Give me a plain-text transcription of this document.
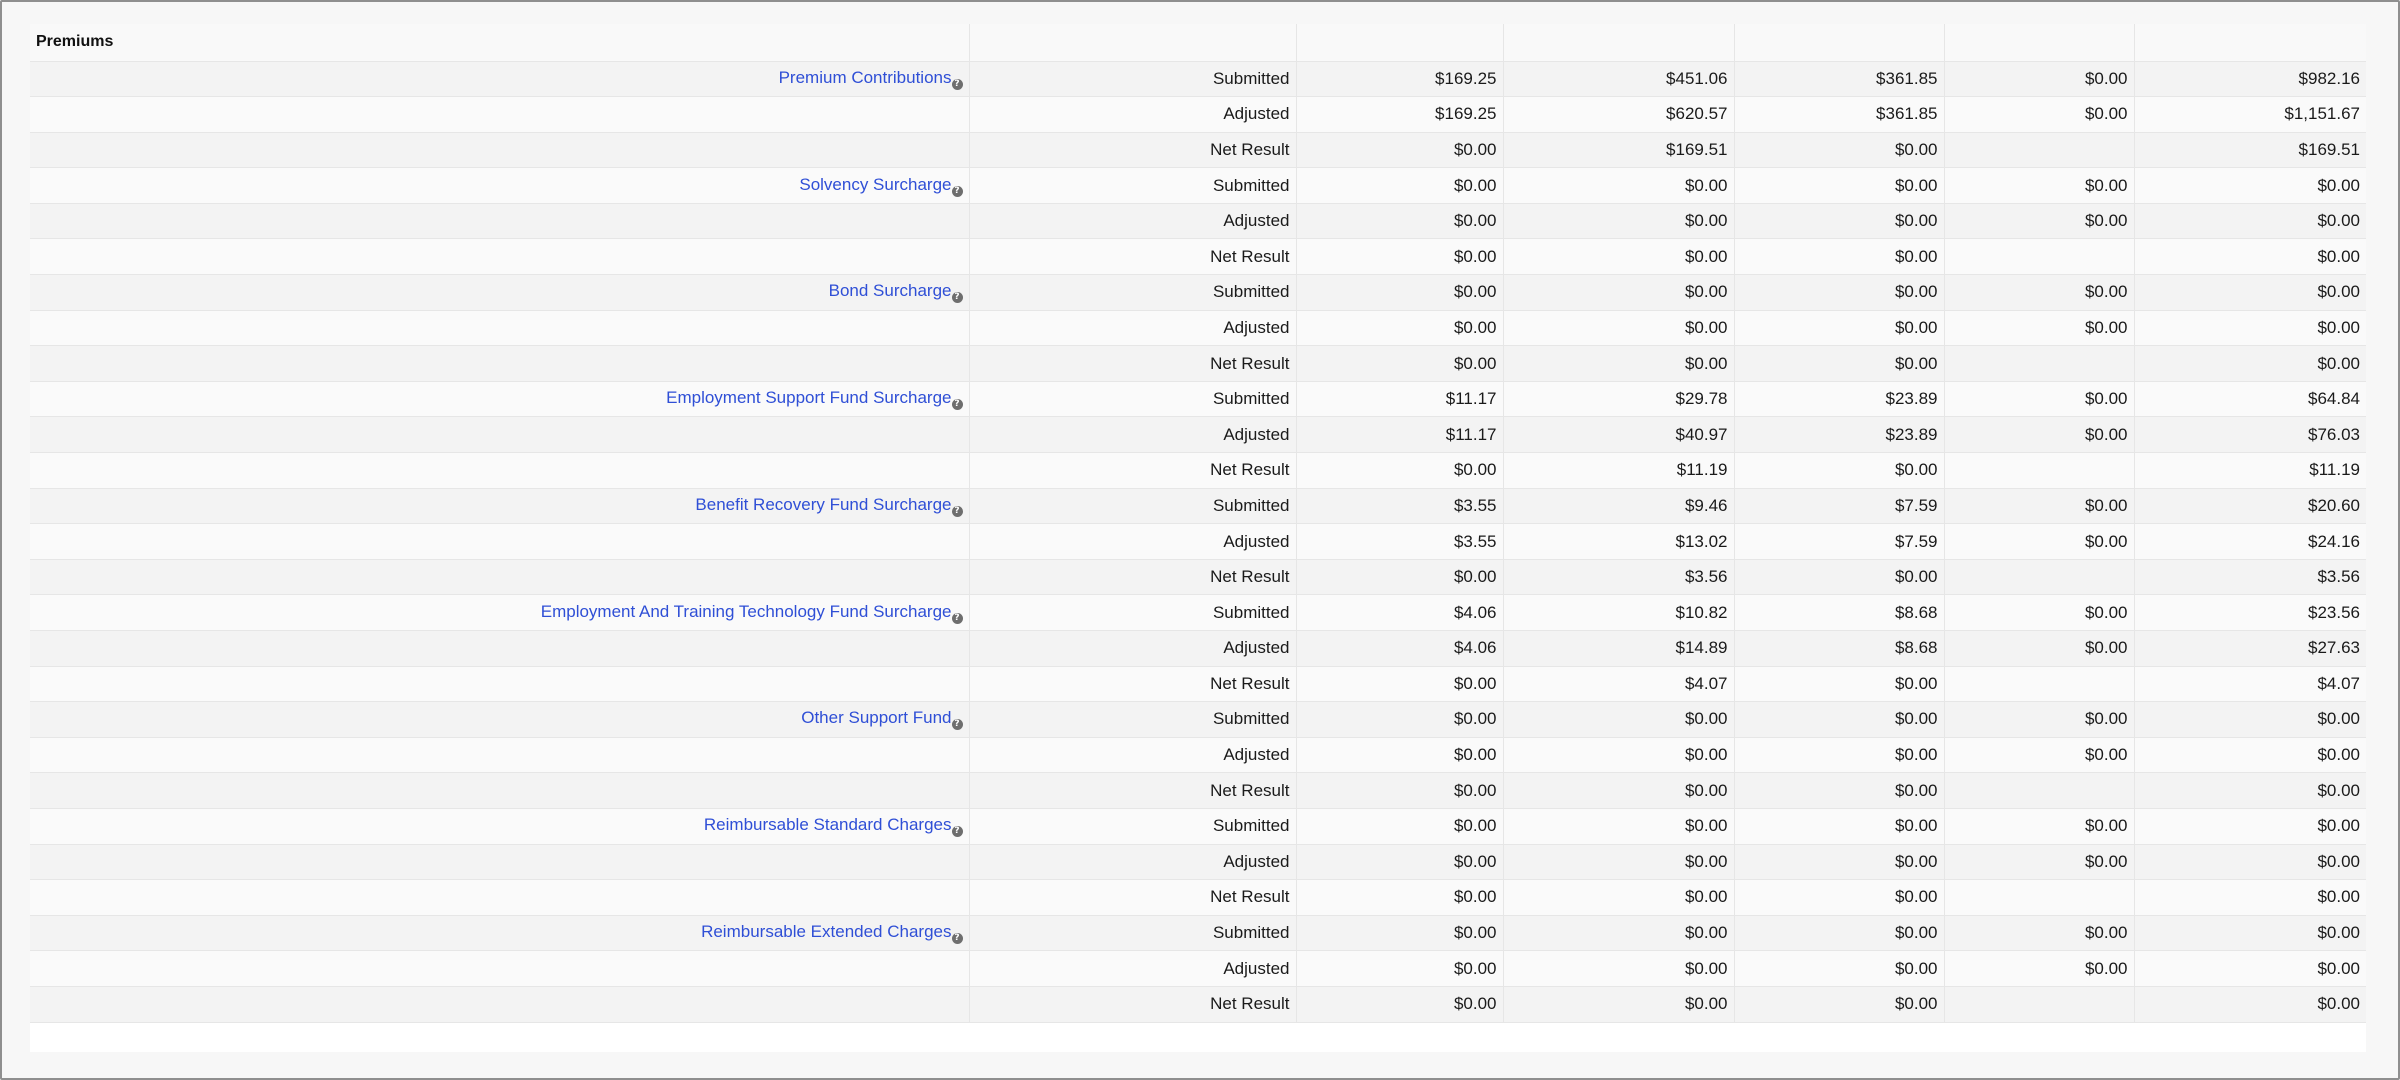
Premiums						
Premium Contributions ?	Submitted	$169.25	$451.06	$361.85	$0.00	$982.16
	Adjusted	$169.25	$620.57	$361.85	$0.00	$1,151.67
	Net Result	$0.00	$169.51	$0.00		$169.51
Solvency Surcharge ?	Submitted	$0.00	$0.00	$0.00	$0.00	$0.00
	Adjusted	$0.00	$0.00	$0.00	$0.00	$0.00
	Net Result	$0.00	$0.00	$0.00		$0.00
Bond Surcharge ?	Submitted	$0.00	$0.00	$0.00	$0.00	$0.00
	Adjusted	$0.00	$0.00	$0.00	$0.00	$0.00
	Net Result	$0.00	$0.00	$0.00		$0.00
Employment Support Fund Surcharge ?	Submitted	$11.17	$29.78	$23.89	$0.00	$64.84
	Adjusted	$11.17	$40.97	$23.89	$0.00	$76.03
	Net Result	$0.00	$11.19	$0.00		$11.19
Benefit Recovery Fund Surcharge ?	Submitted	$3.55	$9.46	$7.59	$0.00	$20.60
	Adjusted	$3.55	$13.02	$7.59	$0.00	$24.16
	Net Result	$0.00	$3.56	$0.00		$3.56
Employment And Training Technology Fund Surcharge ?	Submitted	$4.06	$10.82	$8.68	$0.00	$23.56
	Adjusted	$4.06	$14.89	$8.68	$0.00	$27.63
	Net Result	$0.00	$4.07	$0.00		$4.07
Other Support Fund ?	Submitted	$0.00	$0.00	$0.00	$0.00	$0.00
	Adjusted	$0.00	$0.00	$0.00	$0.00	$0.00
	Net Result	$0.00	$0.00	$0.00		$0.00
Reimbursable Standard Charges ?	Submitted	$0.00	$0.00	$0.00	$0.00	$0.00
	Adjusted	$0.00	$0.00	$0.00	$0.00	$0.00
	Net Result	$0.00	$0.00	$0.00		$0.00
Reimbursable Extended Charges ?	Submitted	$0.00	$0.00	$0.00	$0.00	$0.00
	Adjusted	$0.00	$0.00	$0.00	$0.00	$0.00
	Net Result	$0.00	$0.00	$0.00		$0.00
